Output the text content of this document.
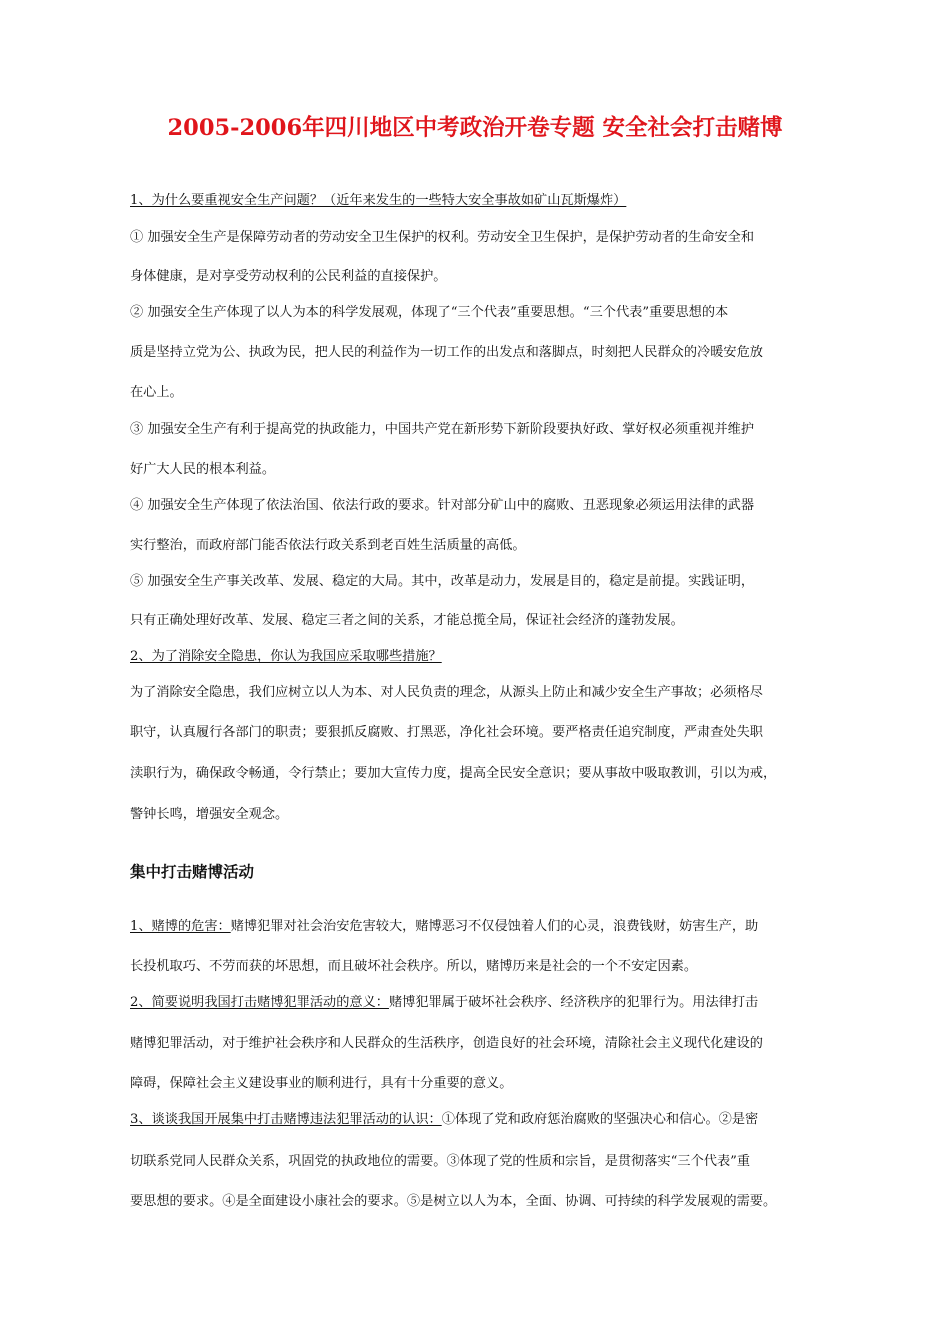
2005-2006年四川地区中考政治开卷专题 安全社会打击赌博
1、为什么要重视安全生产问题？（近年来发生的一些特大安全事故如矿山瓦斯爆炸）
① 加强安全生产是保障劳动者的劳动安全卫生保护的权利。劳动安全卫生保护，是保护劳动者的生命安全和
身体健康，是对享受劳动权利的公民利益的直接保护。
② 加强安全生产体现了以人为本的科学发展观，体现了“三个代表”重要思想。“三个代表”重要思想的本
质是坚持立党为公、执政为民，把人民的利益作为一切工作的出发点和落脚点，时刻把人民群众的冷暖安危放
在心上。
③ 加强安全生产有利于提高党的执政能力，中国共产党在新形势下新阶段要执好政、掌好权必须重视并维护
好广大人民的根本利益。
④ 加强安全生产体现了依法治国、依法行政的要求。针对部分矿山中的腐败、丑恶现象必须运用法律的武器
实行整治，而政府部门能否依法行政关系到老百姓生活质量的高低。
⑤ 加强安全生产事关改革、发展、稳定的大局。其中，改革是动力，发展是目的，稳定是前提。实践证明，
只有正确处理好改革、发展、稳定三者之间的关系，才能总揽全局，保证社会经济的蓬勃发展。
2、为了消除安全隐患，你认为我国应采取哪些措施？
为了消除安全隐患，我们应树立以人为本、对人民负责的理念，从源头上防止和减少安全生产事故；必须格尽
职守，认真履行各部门的职责；要狠抓反腐败、打黑恶，净化社会环境。要严格责任追究制度，严肃查处失职
渎职行为，确保政令畅通，令行禁止；要加大宣传力度，提高全民安全意识；要从事故中吸取教训，引以为戒，
警钟长鸣，增强安全观念。
集中打击赌博活动
1、赌博的危害：赌博犯罪对社会治安危害较大，赌博恶习不仅侵蚀着人们的心灵，浪费钱财，妨害生产，助
长投机取巧、不劳而获的坏思想，而且破坏社会秩序。所以，赌博历来是社会的一个不安定因素。
2、简要说明我国打击赌博犯罪活动的意义：赌博犯罪属于破坏社会秩序、经济秩序的犯罪行为。用法律打击
赌博犯罪活动，对于维护社会秩序和人民群众的生活秩序，创造良好的社会环境，清除社会主义现代化建设的
障碍，保障社会主义建设事业的顺利进行，具有十分重要的意义。
3、谈谈我国开展集中打击赌博违法犯罪活动的认识：①体现了党和政府惩治腐败的坚强决心和信心。②是密
切联系党同人民群众关系，巩固党的执政地位的需要。③体现了党的性质和宗旨，是贯彻落实“三个代表”重
要思想的要求。④是全面建设小康社会的要求。⑤是树立以人为本，全面、协调、可持续的科学发展观的需要。
